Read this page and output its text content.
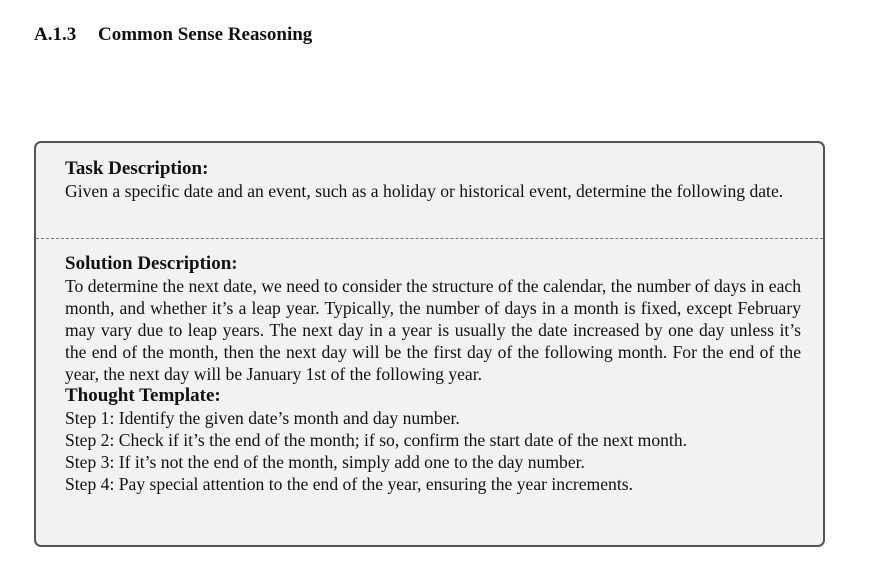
A.1.3 Common Sense Reasoning
Task Description:

Given a specific date and an event, such as a holiday or historical event, determine the following date.

Solution Description:

To determine the next date, we need to consider the structure of the calendar, the number of days in each month, and whether it’s a leap year. Typically, the number of days in a month is fixed, except February may vary due to leap years. The next day in a year is usually the date increased by one day unless it’s the end of the month, then the next day will be the first day of the following month. For the end of the year, the next day will be January 1st of the following year.

Thought Template:
Step 1: Identify the given date’s month and day number.
Step 2: Check if it’s the end of the month; if so, confirm the start date of the next month.
Step 3: If it’s not the end of the month, simply add one to the day number.
Step 4: Pay special attention to the end of the year, ensuring the year increments.
